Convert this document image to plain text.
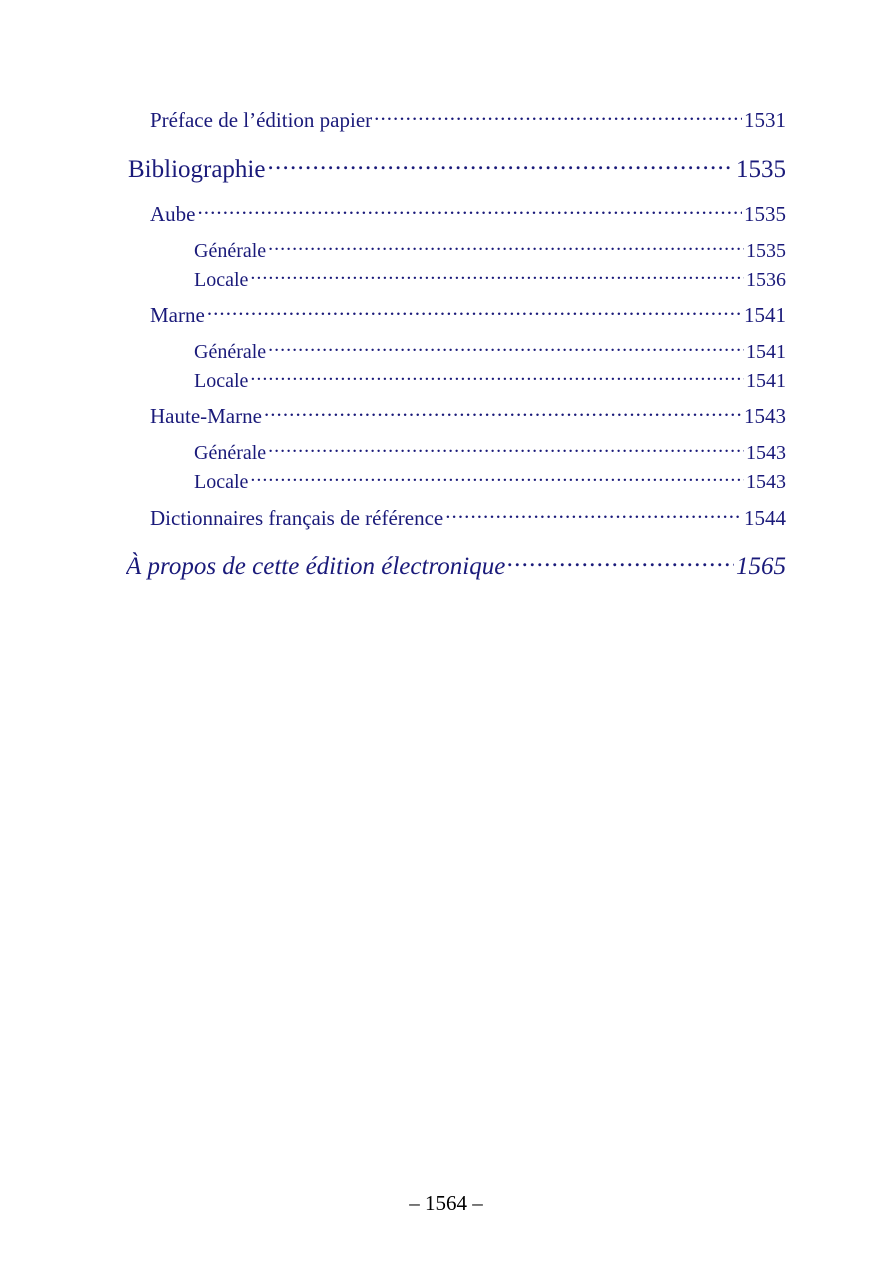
Préface de l’édition papier .....	1531
Bibliographie .....	1535
Aube .....	1535
Générale .....	1535
Locale .....	1536
Marne .....	1541
Générale .....	1541
Locale .....	1541
Haute-Marne .....	1543
Générale .....	1543
Locale .....	1543
Dictionnaires français de référence .....	1544
À propos de cette édition électronique .....	1565
– 1564 –
